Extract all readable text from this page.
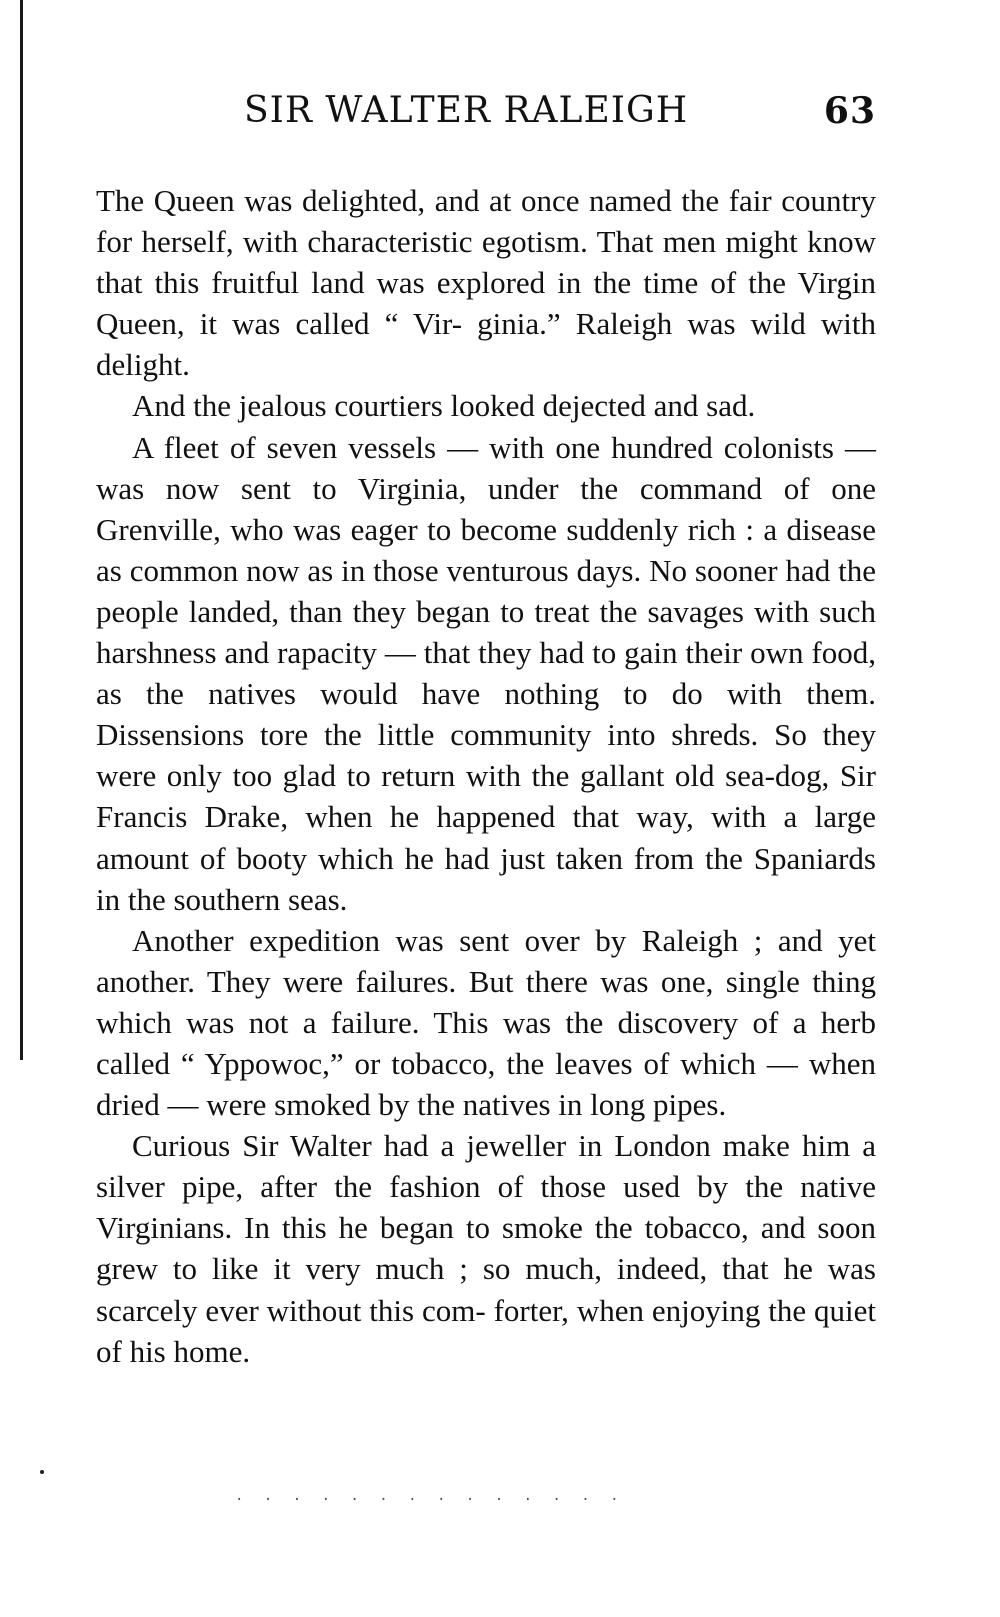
SIR WALTER RALEIGH	63

The Queen was delighted, and at once named the fair country for herself, with characteristic egotism. That men might know that this fruitful land was explored in the time of the Virgin Queen, it was called “ Vir- ginia.” Raleigh was wild with delight.

And the jealous courtiers looked dejected and sad.

A fleet of seven vessels — with one hundred colonists — was now sent to Virginia, under the command of one Grenville, who was eager to become suddenly rich : a disease as common now as in those venturous days. No sooner had the people landed, than they began to treat the savages with such harshness and rapacity — that they had to gain their own food, as the natives would have nothing to do with them. Dissensions tore the little community into shreds. So they were only too glad to return with the gallant old sea-dog, Sir Francis Drake, when he happened that way, with a large amount of booty which he had just taken from the Spaniards in the southern seas.

Another expedition was sent over by Raleigh ; and yet another. They were failures. But there was one, single thing which was not a failure. This was the discovery of a herb called “ Yppowoc,” or tobacco, the leaves of which — when dried — were smoked by the natives in long pipes.

Curious Sir Walter had a jeweller in London make him a silver pipe, after the fashion of those used by the native Virginians. In this he began to smoke the tobacco, and soon grew to like it very much ; so much, indeed, that he was scarcely ever without this com- forter, when enjoying the quiet of his home.

. . . . . . . . . . . . . .
